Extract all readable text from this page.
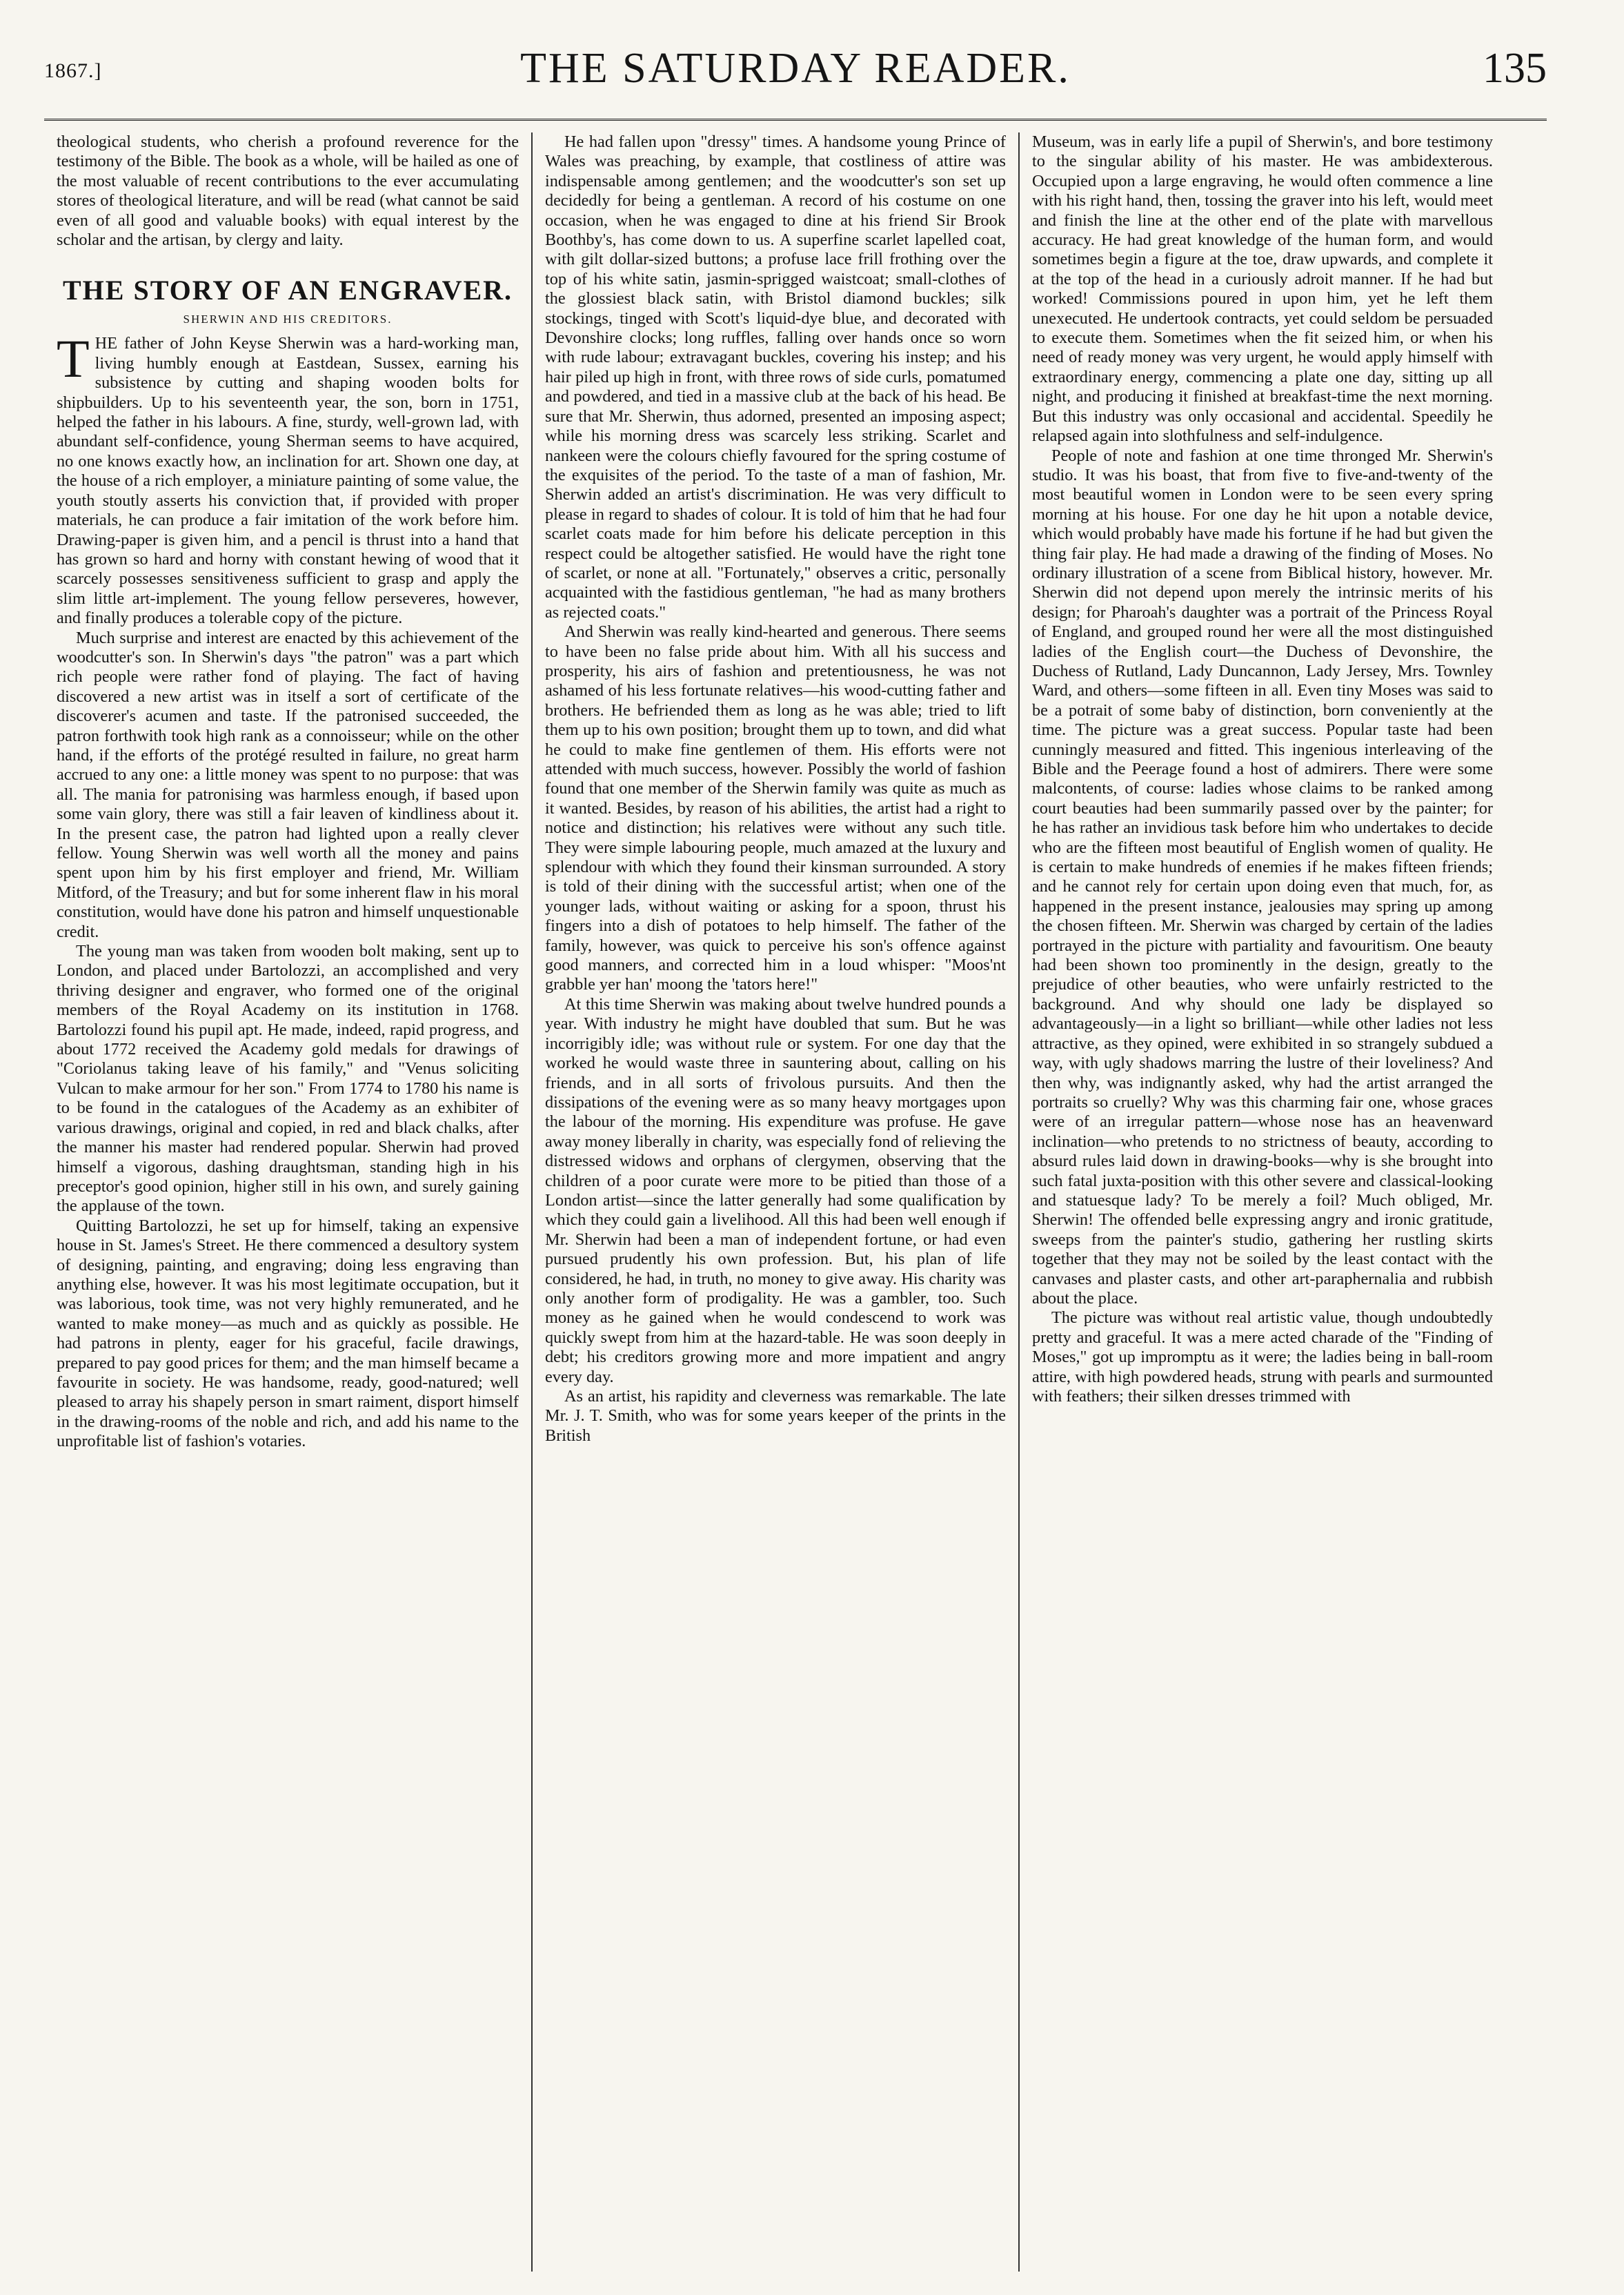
1867.]	THE SATURDAY READER.	135

theological students, who cherish a profound reverence for the testimony of the Bible. The book as a whole, will be hailed as one of the most valuable of recent contributions to the ever accumulating stores of theological literature, and will be read (what cannot be said even of all good and valuable books) with equal interest by the scholar and the artisan, by clergy and laity.

THE STORY OF AN ENGRAVER.
SHERWIN AND HIS CREDITORS.

THE father of John Keyse Sherwin was a hard-working man, living humbly enough at Eastdean, Sussex, earning his subsistence by cutting and shaping wooden bolts for shipbuilders. Up to his seventeenth year, the son, born in 1751, helped the father in his labours. A fine, sturdy, well-grown lad, with abundant self-confidence, young Sherman seems to have acquired, no one knows exactly how, an inclination for art. Shown one day, at the house of a rich employer, a miniature painting of some value, the youth stoutly asserts his conviction that, if provided with proper materials, he can produce a fair imitation of the work before him. Drawing-paper is given him, and a pencil is thrust into a hand that has grown so hard and horny with constant hewing of wood that it scarcely possesses sensitiveness sufficient to grasp and apply the slim little art-implement. The young fellow perseveres, however, and finally produces a tolerable copy of the picture.

Much surprise and interest are enacted by this achievement of the woodcutter's son. In Sherwin's days "the patron" was a part which rich people were rather fond of playing. The fact of having discovered a new artist was in itself a sort of certificate of the discoverer's acumen and taste. If the patronised succeeded, the patron forthwith took high rank as a connoisseur; while on the other hand, if the efforts of the protégé resulted in failure, no great harm accrued to any one: a little money was spent to no purpose: that was all. The mania for patronising was harmless enough, if based upon some vain glory, there was still a fair leaven of kindliness about it. In the present case, the patron had lighted upon a really clever fellow. Young Sherwin was well worth all the money and pains spent upon him by his first employer and friend, Mr. William Mitford, of the Treasury; and but for some inherent flaw in his moral constitution, would have done his patron and himself unquestionable credit.

The young man was taken from wooden bolt making, sent up to London, and placed under Bartolozzi, an accomplished and very thriving designer and engraver, who formed one of the original members of the Royal Academy on its institution in 1768. Bartolozzi found his pupil apt. He made, indeed, rapid progress, and about 1772 received the Academy gold medals for drawings of "Coriolanus taking leave of his family," and "Venus soliciting Vulcan to make armour for her son." From 1774 to 1780 his name is to be found in the catalogues of the Academy as an exhibiter of various drawings, original and copied, in red and black chalks, after the manner his master had rendered popular. Sherwin had proved himself a vigorous, dashing draughtsman, standing high in his preceptor's good opinion, higher still in his own, and surely gaining the applause of the town.

Quitting Bartolozzi, he set up for himself, taking an expensive house in St. James's Street. He there commenced a desultory system of designing, painting, and engraving; doing less engraving than anything else, however. It was his most legitimate occupation, but it was laborious, took time, was not very highly remunerated, and he wanted to make money—as much and as quickly as possible. He had patrons in plenty, eager for his graceful, facile drawings, prepared to pay good prices for them; and the man himself became a favourite in society. He was handsome, ready, good-natured; well pleased to array his shapely person in smart raiment, disport himself in the drawing-rooms of the noble and rich, and add his name to the unprofitable list of fashion's votaries.

He had fallen upon "dressy" times. A handsome young Prince of Wales was preaching, by example, that costliness of attire was indispensable among gentlemen; and the woodcutter's son set up decidedly for being a gentleman. A record of his costume on one occasion, when he was engaged to dine at his friend Sir Brook Boothby's, has come down to us. A superfine scarlet lapelled coat, with gilt dollar-sized buttons; a profuse lace frill frothing over the top of his white satin, jasmin-sprigged waistcoat; small-clothes of the glossiest black satin, with Bristol diamond buckles; silk stockings, tinged with Scott's liquid-dye blue, and decorated with Devonshire clocks; long ruffles, falling over hands once so worn with rude labour; extravagant buckles, covering his instep; and his hair piled up high in front, with three rows of side curls, pomatumed and powdered, and tied in a massive club at the back of his head. Be sure that Mr. Sherwin, thus adorned, presented an imposing aspect; while his morning dress was scarcely less striking. Scarlet and nankeen were the colours chiefly favoured for the spring costume of the exquisites of the period. To the taste of a man of fashion, Mr. Sherwin added an artist's discrimination. He was very difficult to please in regard to shades of colour. It is told of him that he had four scarlet coats made for him before his delicate perception in this respect could be altogether satisfied. He would have the right tone of scarlet, or none at all. "Fortunately," observes a critic, personally acquainted with the fastidious gentleman, "he had as many brothers as rejected coats."

And Sherwin was really kind-hearted and generous. There seems to have been no false pride about him. With all his success and prosperity, his airs of fashion and pretentiousness, he was not ashamed of his less fortunate relatives—his wood-cutting father and brothers. He befriended them as long as he was able; tried to lift them up to his own position; brought them up to town, and did what he could to make fine gentlemen of them. His efforts were not attended with much success, however. Possibly the world of fashion found that one member of the Sherwin family was quite as much as it wanted. Besides, by reason of his abilities, the artist had a right to notice and distinction; his relatives were without any such title. They were simple labouring people, much amazed at the luxury and splendour with which they found their kinsman surrounded. A story is told of their dining with the successful artist; when one of the younger lads, without waiting or asking for a spoon, thrust his fingers into a dish of potatoes to help himself. The father of the family, however, was quick to perceive his son's offence against good manners, and corrected him in a loud whisper: "Moos'nt grabble yer han' moong the 'tators here!"

At this time Sherwin was making about twelve hundred pounds a year. With industry he might have doubled that sum. But he was incorrigibly idle; was without rule or system. For one day that the worked he would waste three in sauntering about, calling on his friends, and in all sorts of frivolous pursuits. And then the dissipations of the evening were as so many heavy mortgages upon the labour of the morning. His expenditure was profuse. He gave away money liberally in charity, was especially fond of relieving the distressed widows and orphans of clergymen, observing that the children of a poor curate were more to be pitied than those of a London artist—since the latter generally had some qualification by which they could gain a livelihood. All this had been well enough if Mr. Sherwin had been a man of independent fortune, or had even pursued prudently his own profession. But, his plan of life considered, he had, in truth, no money to give away. His charity was only another form of prodigality. He was a gambler, too. Such money as he gained when he would condescend to work was quickly swept from him at the hazard-table. He was soon deeply in debt; his creditors growing more and more impatient and angry every day.

As an artist, his rapidity and cleverness was remarkable. The late Mr. J. T. Smith, who was for some years keeper of the prints in the British

Museum, was in early life a pupil of Sherwin's, and bore testimony to the singular ability of his master. He was ambidexterous. Occupied upon a large engraving, he would often commence a line with his right hand, then, tossing the graver into his left, would meet and finish the line at the other end of the plate with marvellous accuracy. He had great knowledge of the human form, and would sometimes begin a figure at the toe, draw upwards, and complete it at the top of the head in a curiously adroit manner. If he had but worked! Commissions poured in upon him, yet he left them unexecuted. He undertook contracts, yet could seldom be persuaded to execute them. Sometimes when the fit seized him, or when his need of ready money was very urgent, he would apply himself with extraordinary energy, commencing a plate one day, sitting up all night, and producing it finished at breakfast-time the next morning. But this industry was only occasional and accidental. Speedily he relapsed again into slothfulness and self-indulgence.

People of note and fashion at one time thronged Mr. Sherwin's studio. It was his boast, that from five to five-and-twenty of the most beautiful women in London were to be seen every spring morning at his house. For one day he hit upon a notable device, which would probably have made his fortune if he had but given the thing fair play. He had made a drawing of the finding of Moses. No ordinary illustration of a scene from Biblical history, however. Mr. Sherwin did not depend upon merely the intrinsic merits of his design; for Pharoah's daughter was a portrait of the Princess Royal of England, and grouped round her were all the most distinguished ladies of the English court—the Duchess of Devonshire, the Duchess of Rutland, Lady Duncannon, Lady Jersey, Mrs. Townley Ward, and others—some fifteen in all. Even tiny Moses was said to be a potrait of some baby of distinction, born conveniently at the time. The picture was a great success. Popular taste had been cunningly measured and fitted. This ingenious interleaving of the Bible and the Peerage found a host of admirers. There were some malcontents, of course: ladies whose claims to be ranked among court beauties had been summarily passed over by the painter; for he has rather an invidious task before him who undertakes to decide who are the fifteen most beautiful of English women of quality. He is certain to make hundreds of enemies if he makes fifteen friends; and he cannot rely for certain upon doing even that much, for, as happened in the present instance, jealousies may spring up among the chosen fifteen. Mr. Sherwin was charged by certain of the ladies portrayed in the picture with partiality and favouritism. One beauty had been shown too prominently in the design, greatly to the prejudice of other beauties, who were unfairly restricted to the background. And why should one lady be displayed so advantageously—in a light so brilliant—while other ladies not less attractive, as they opined, were exhibited in so strangely subdued a way, with ugly shadows marring the lustre of their loveliness? And then why, was indignantly asked, why had the artist arranged the portraits so cruelly? Why was this charming fair one, whose graces were of an irregular pattern—whose nose has an heavenward inclination—who pretends to no strictness of beauty, according to absurd rules laid down in drawing-books—why is she brought into such fatal juxta-position with this other severe and classical-looking and statuesque lady? To be merely a foil? Much obliged, Mr. Sherwin! The offended belle expressing angry and ironic gratitude, sweeps from the painter's studio, gathering her rustling skirts together that they may not be soiled by the least contact with the canvases and plaster casts, and other art-paraphernalia and rubbish about the place.

The picture was without real artistic value, though undoubtedly pretty and graceful. It was a mere acted charade of the "Finding of Moses," got up impromptu as it were; the ladies being in ball-room attire, with high powdered heads, strung with pearls and surmounted with feathers; their silken dresses trimmed with
